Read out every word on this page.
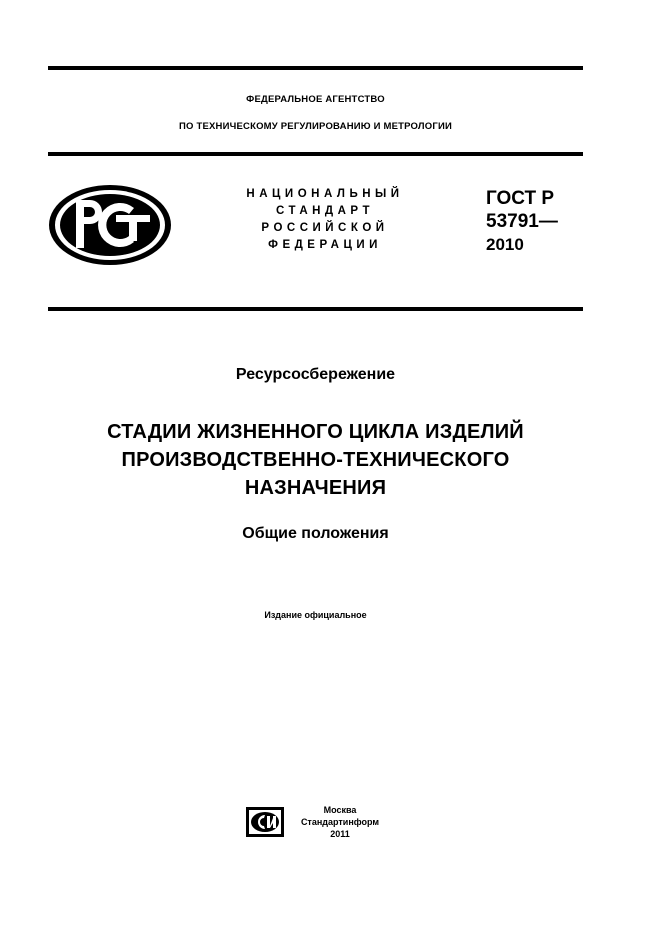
ФЕДЕРАЛЬНОЕ АГЕНТСТВО
ПО ТЕХНИЧЕСКОМУ РЕГУЛИРОВАНИЮ И МЕТРОЛОГИИ
НАЦИОНАЛЬНЫЙ
СТАНДАРТ
РОССИЙСКОЙ
ФЕДЕРАЦИИ
ГОСТ Р
53791—
2010
Ресурсосбережение
СТАДИИ ЖИЗНЕННОГО ЦИКЛА ИЗДЕЛИЙ
ПРОИЗВОДСТВЕННО-ТЕХНИЧЕСКОГО
НАЗНАЧЕНИЯ
Общие положения
Издание официальное
Москва
Стандартинформ
2011
